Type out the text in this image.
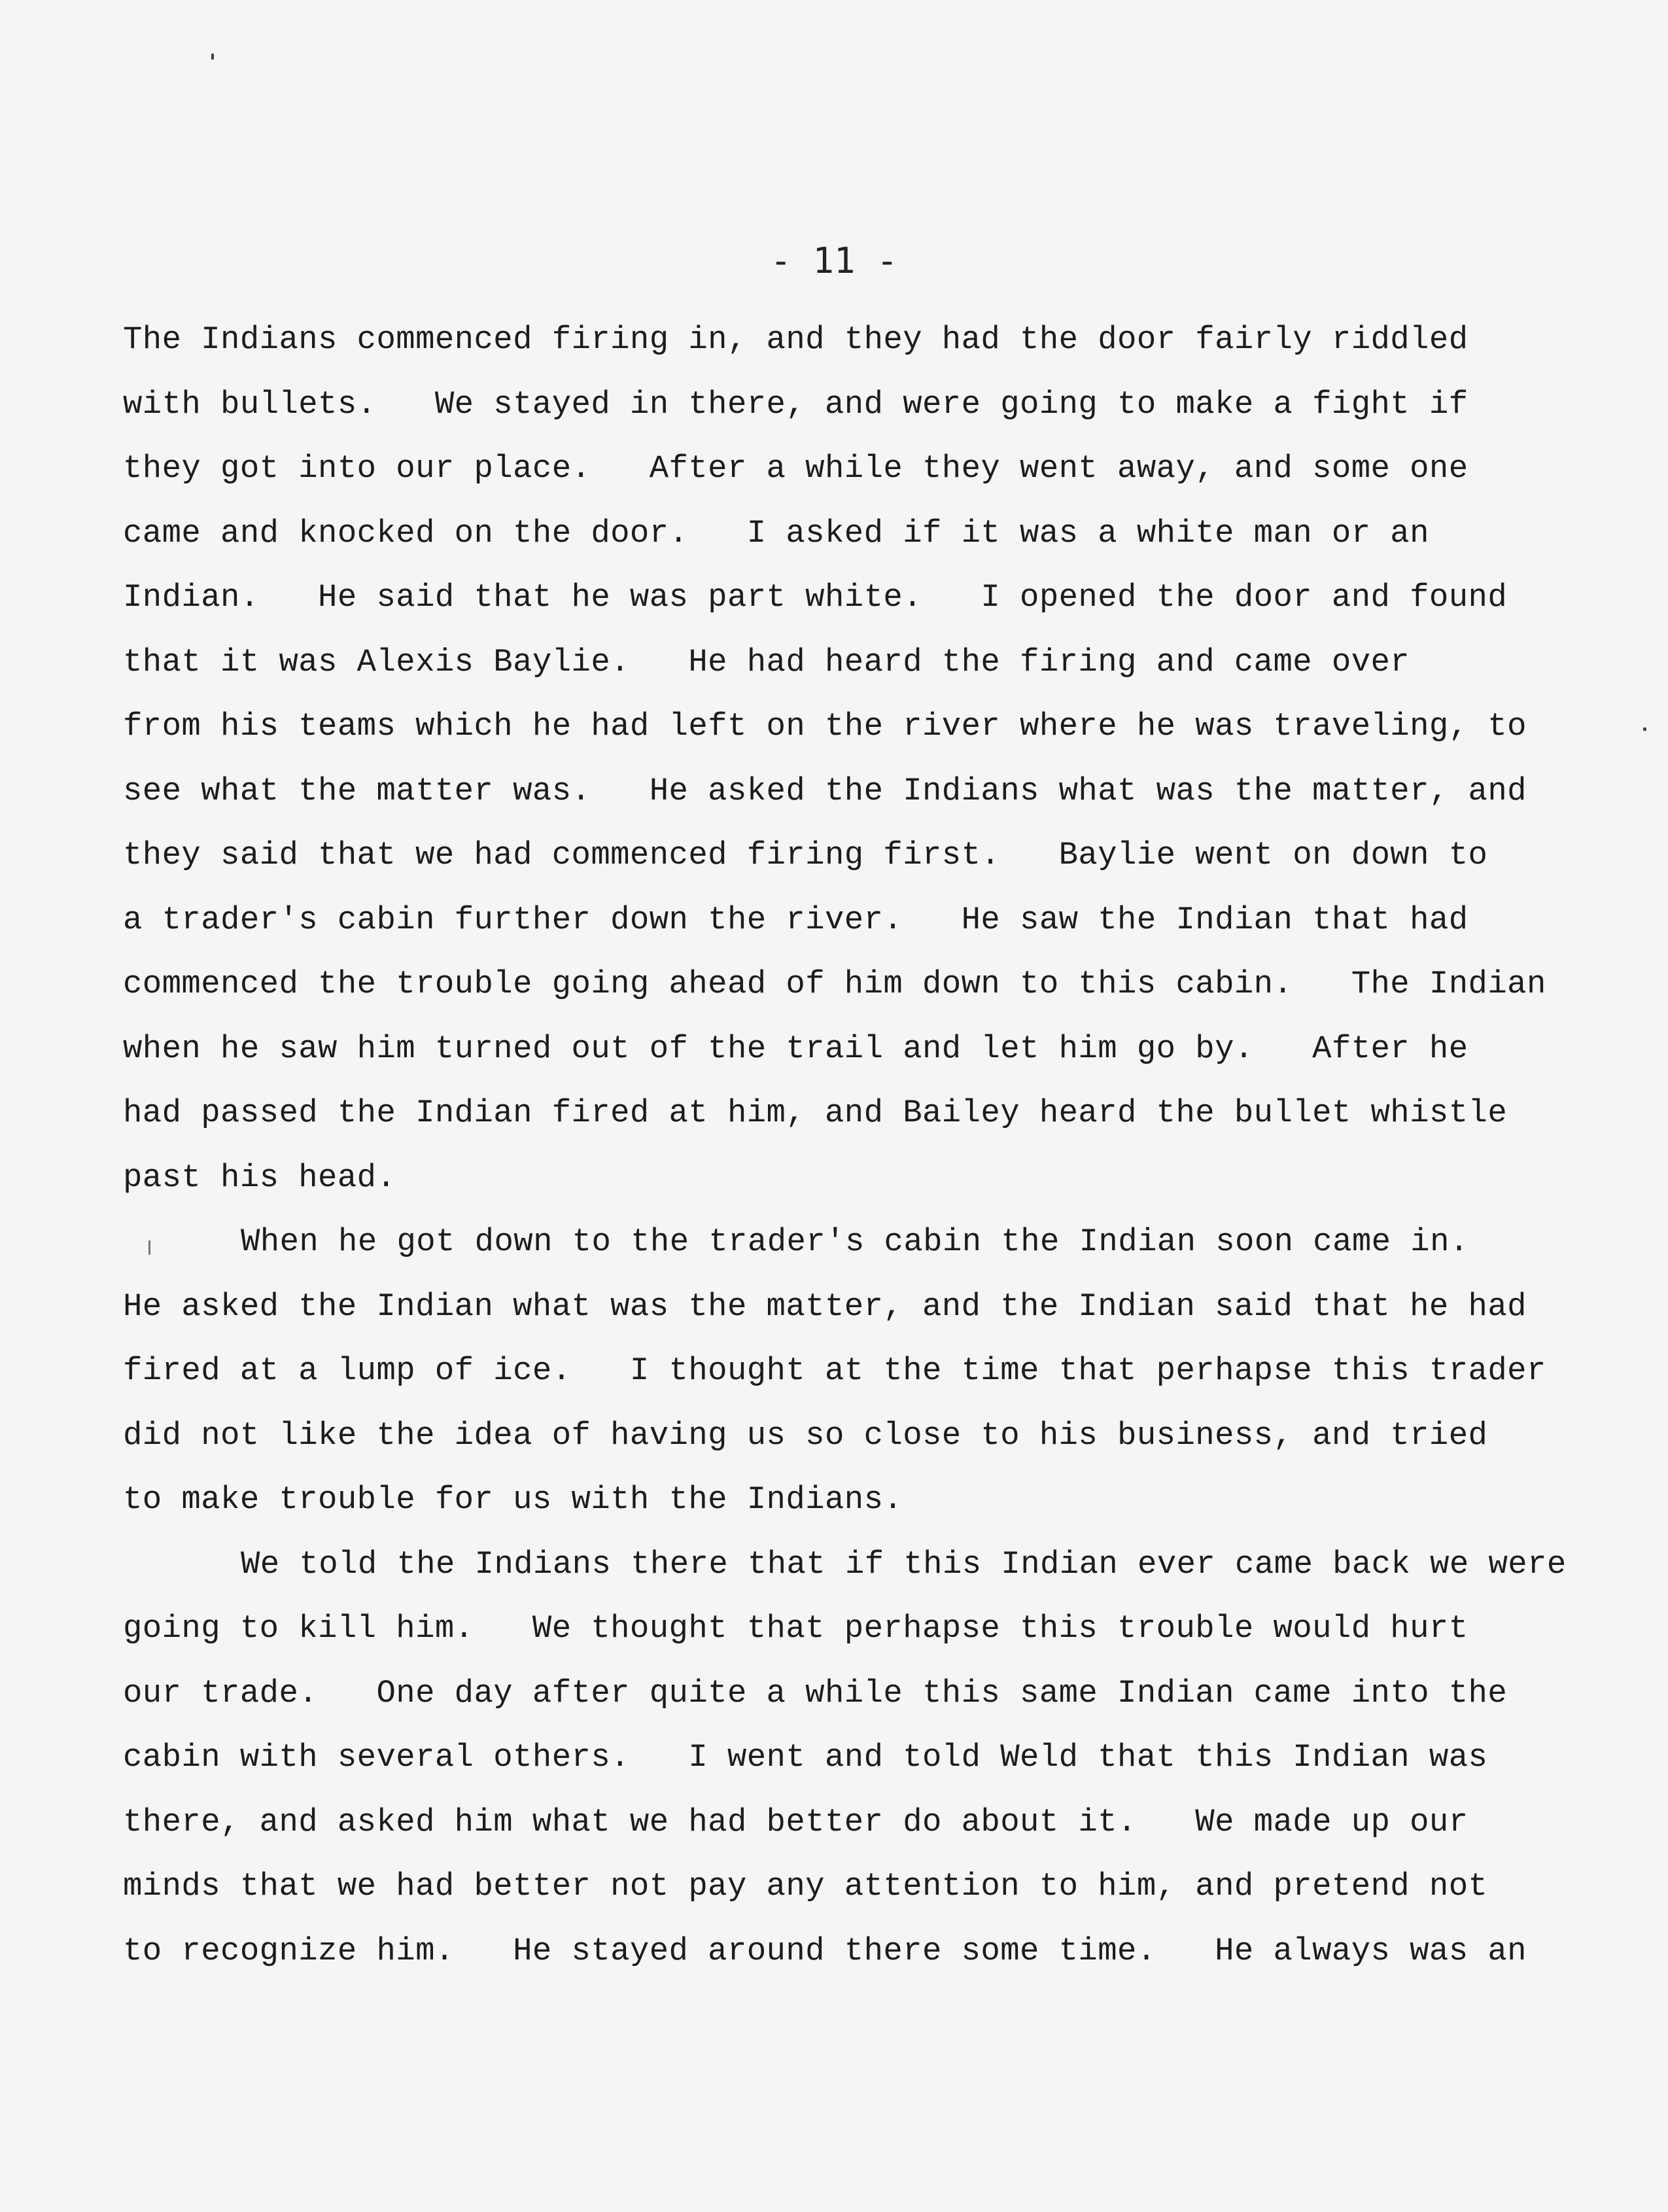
- 11 -
The Indians commenced firing in, and they had the door fairly riddled
with bullets.   We stayed in there, and were going to make a fight if
they got into our place.   After a while they went away, and some one
came and knocked on the door.   I asked if it was a white man or an
Indian.   He said that he was part white.   I opened the door and found
that it was Alexis Baylie.   He had heard the firing and came over
from his teams which he had left on the river where he was traveling, to
see what the matter was.   He asked the Indians what was the matter, and
they said that we had commenced firing first.   Baylie went on down to
a trader's cabin further down the river.   He saw the Indian that had
commenced the trouble going ahead of him down to this cabin.   The Indian
when he saw him turned out of the trail and let him go by.   After he
had passed the Indian fired at him, and Bailey heard the bullet whistle
past his head.
When he got down to the trader's cabin the Indian soon came in.
He asked the Indian what was the matter, and the Indian said that he had
fired at a lump of ice.   I thought at the time that perhapse this trader
did not like the idea of having us so close to his business, and tried
to make trouble for us with the Indians.
We told the Indians there that if this Indian ever came back we were
going to kill him.   We thought that perhapse this trouble would hurt
our trade.   One day after quite a while this same Indian came into the
cabin with several others.   I went and told Weld that this Indian was
there, and asked him what we had better do about it.   We made up our
minds that we had better not pay any attention to him, and pretend not
to recognize him.   He stayed around there some time.   He always was an
